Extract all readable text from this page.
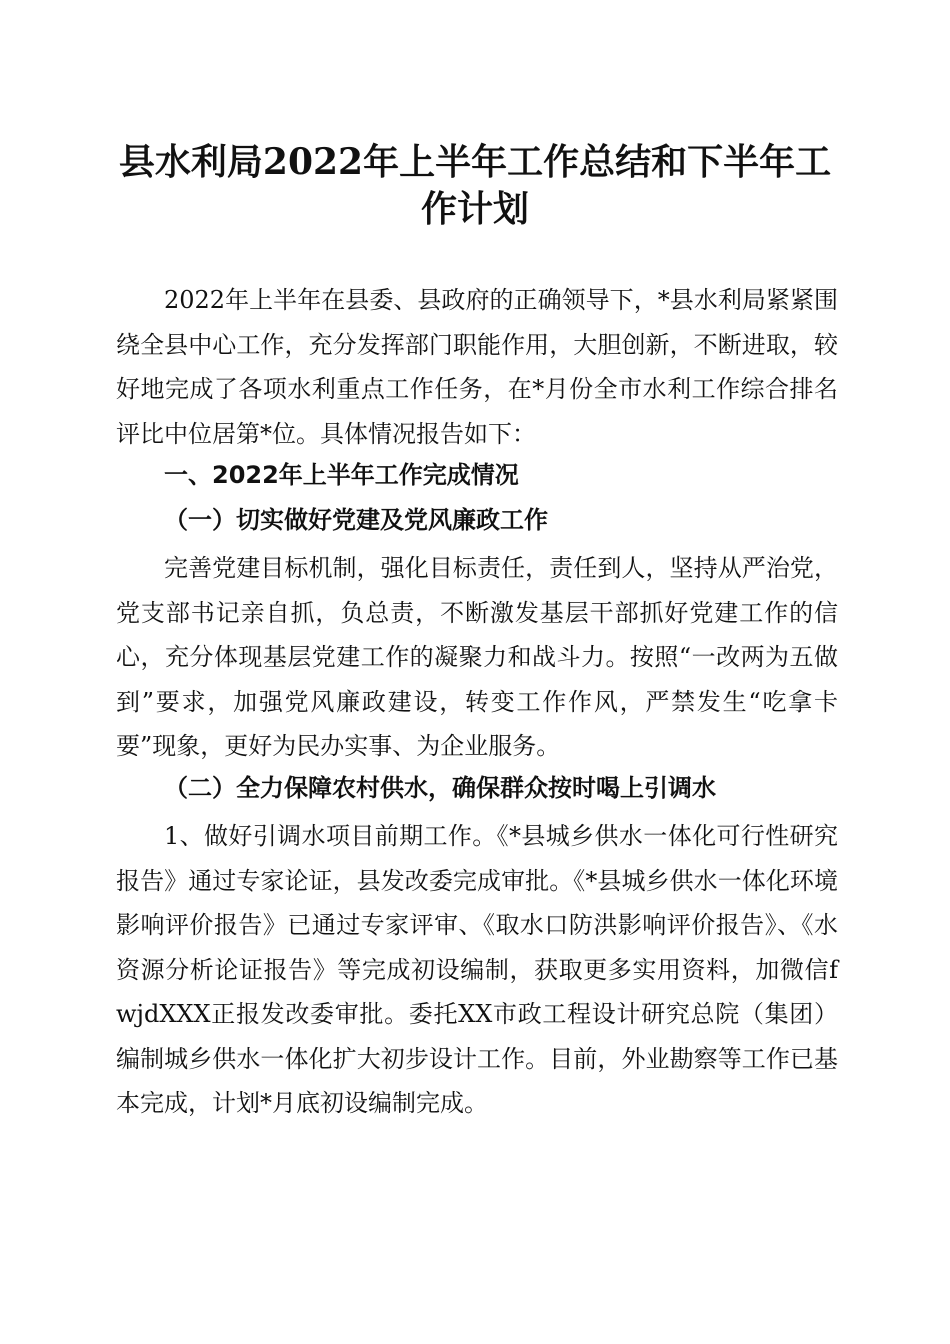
县水利局2022年上半年工作总结和下半年工
作计划

2022年上半年在县委、县政府的正确领导下，*县水利局紧紧围绕全县中心工作，充分发挥部门职能作用，大胆创新，不断进取，较好地完成了各项水利重点工作任务，在*月份全市水利工作综合排名评比中位居第*位。具体情况报告如下：

一、2022年上半年工作完成情况
（一）切实做好党建及党风廉政工作

完善党建目标机制，强化目标责任，责任到人，坚持从严治党，党支部书记亲自抓，负总责，不断激发基层干部抓好党建工作的信心，充分体现基层党建工作的凝聚力和战斗力。按照“一改两为五做到”要求，加强党风廉政建设，转变工作作风，严禁发生“吃拿卡要”现象，更好为民办实事、为企业服务。

（二）全力保障农村供水，确保群众按时喝上引调水

1、做好引调水项目前期工作。《*县城乡供水一体化可行性研究报告》通过专家论证，县发改委完成审批。《*县城乡供水一体化环境影响评价报告》已通过专家评审、《取水口防洪影响评价报告》、《水资源分析论证报告》等完成初设编制，获取更多实用资料，加微信fwjdXXX正报发改委审批。委托XX市政工程设计研究总院（集团）编制城乡供水一体化扩大初步设计工作。目前，外业勘察等工作已基本完成，计划*月底初设编制完成。
